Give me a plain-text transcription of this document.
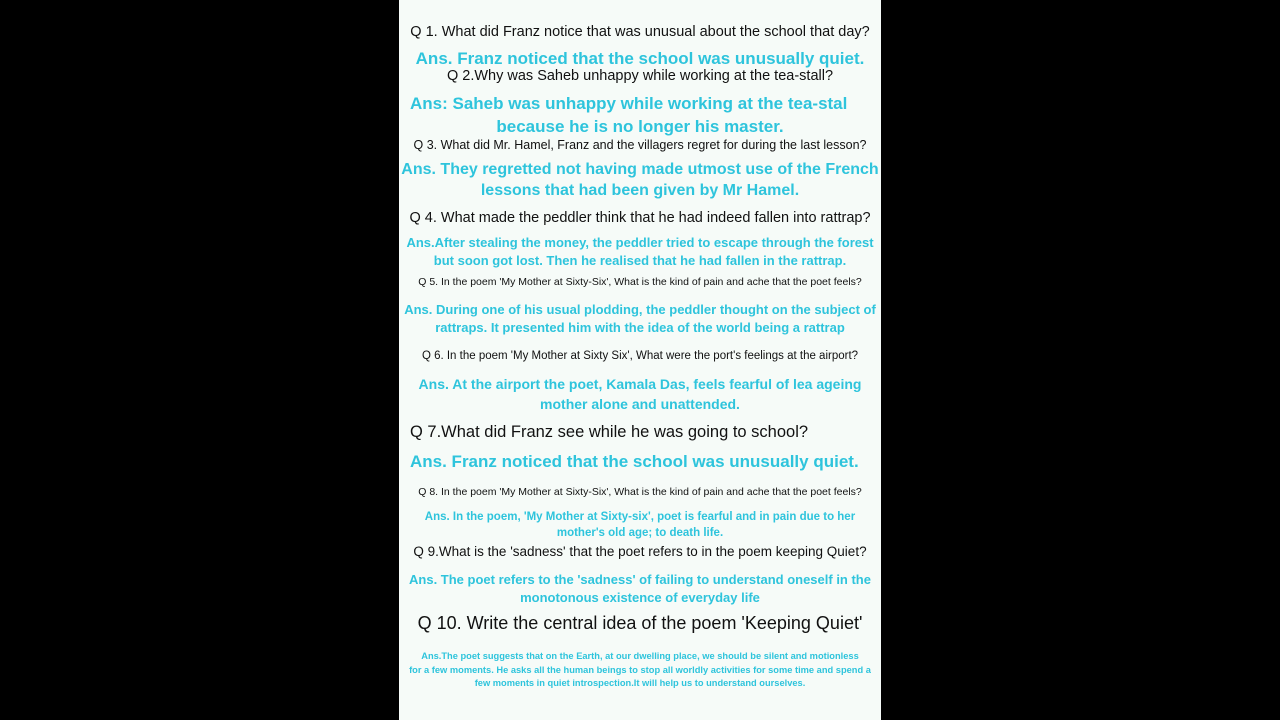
Q 1. What did Franz notice that was unusual about the school that day?
Ans. Franz noticed that the school was unusually quiet.
Q 2.Why was Saheb unhappy while working at the tea-stall?
Ans: Saheb was unhappy while working at the tea-stal
because he is no longer his master.
Q 3. What did Mr. Hamel, Franz and the villagers regret for during the last lesson?
Ans. They regretted not having made utmost use of the French
lessons that had been given by Mr Hamel.
Q 4. What made the peddler think that he had indeed fallen into rattrap?
Ans.After stealing the money, the peddler tried to escape through the forest
but soon got lost. Then he realised that he had fallen in the rattrap.
Q 5. In the poem 'My Mother at Sixty-Six', What is the kind of pain and ache that the poet feels?
Ans. During one of his usual plodding, the peddler thought on the subject of
rattraps. It presented him with the idea of the world being a rattrap
Q 6. In the poem 'My Mother at Sixty Six', What were the port's feelings at the airport?
Ans. At the airport the poet, Kamala Das, feels fearful of lea ageing
mother alone and unattended.
Q 7.What did Franz see while he was going to school?
Ans. Franz noticed that the school was unusually quiet.
Q 8. In the poem 'My Mother at Sixty-Six', What is the kind of pain and ache that the poet feels?
Ans. In the poem, 'My Mother at Sixty-six', poet is fearful and in pain due to her
mother's old age; to death life.
Q 9.What is the 'sadness' that the poet refers to in the poem keeping Quiet?
Ans. The poet refers to the 'sadness' of failing to understand oneself in the
monotonous existence of everyday life
Q 10. Write the central idea of the poem 'Keeping Quiet'
Ans.The poet suggests that on the Earth, at our dwelling place, we should be silent and motionless
for a few moments. He asks all the human beings to stop all worldly activities for some time and spend a
few moments in quiet introspection.It will help us to understand ourselves.
